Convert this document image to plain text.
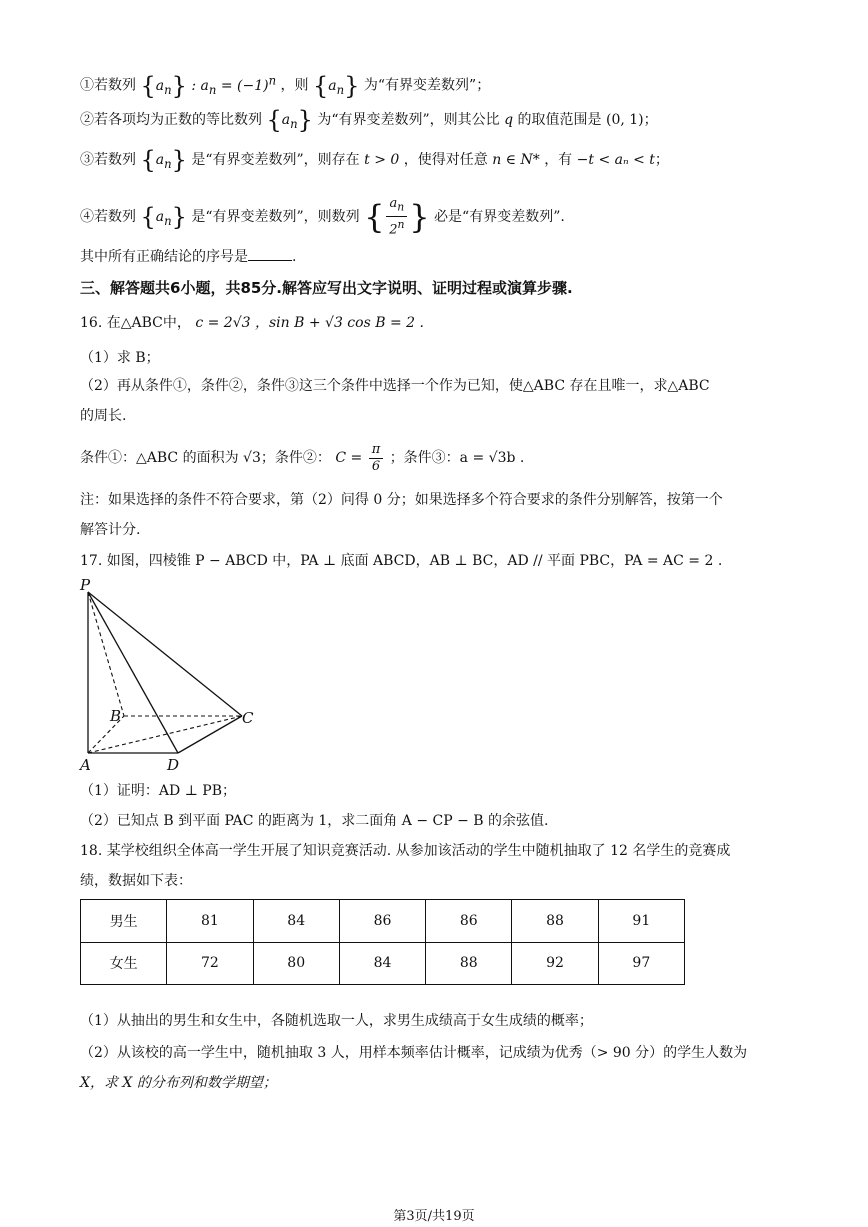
①若数列 $\{a_n\}$ : $a_n = (-1)^n$ ，则 $\{a_n\}$ 为“有界变差数列”；
②若各项均为正数的等比数列 $\{a_n\}$ 为“有界变差数列”，则其公比 q 的取值范围是 (0, 1)；
③若数列 $\{a_n\}$ 是“有界变差数列”，则存在 t > 0 ，使得对任意 n ∈ N* ，有 −t < aₙ < t；
④若数列 $\{a_n\}$ 是“有界变差数列”，则数列 { $\frac{a_n}{2^n}$ } 必是“有界变差数列”.
其中所有正确结论的序号是	.
三、解答题共6小题，共85分.解答应写出文字说明、证明过程或演算步骤.
16. 在△ABC中， c = 2√3 ，sin B + √3 cos B = 2 .
（1）求 B；
（2）再从条件①，条件②，条件③这三个条件中选择一个作为已知，使△ABC 存在且唯一，求△ABC
的周长.
条件①：△ABC 的面积为 √3；条件②： $C = \frac{\pi}{6}$ ；条件③：a = √3b .
注：如果选择的条件不符合要求，第（2）问得 0 分；如果选择多个符合要求的条件分别解答，按第一个
解答计分.
17. 如图，四棱锥 P − ABCD 中，PA ⊥ 底面 ABCD，AB ⊥ BC，AD // 平面 PBC，PA = AC = 2 .
P
B	C
A	D
（1）证明：AD ⊥ PB；
（2）已知点 B 到平面 PAC 的距离为 1，求二面角 A − CP − B 的余弦值.
18. 某学校组织全体高一学生开展了知识竞赛活动. 从参加该活动的学生中随机抽取了 12 名学生的竞赛成
绩，数据如下表：
男生	81	84	86	86	88	91
女生	72	80	84	88	92	97
（1）从抽出的男生和女生中，各随机选取一人，求男生成绩高于女生成绩的概率；
（2）从该校的高一学生中，随机抽取 3 人，用样本频率估计概率，记成绩为优秀（> 90 分）的学生人数为
X，求 X 的分布列和数学期望；
第3页/共19页
